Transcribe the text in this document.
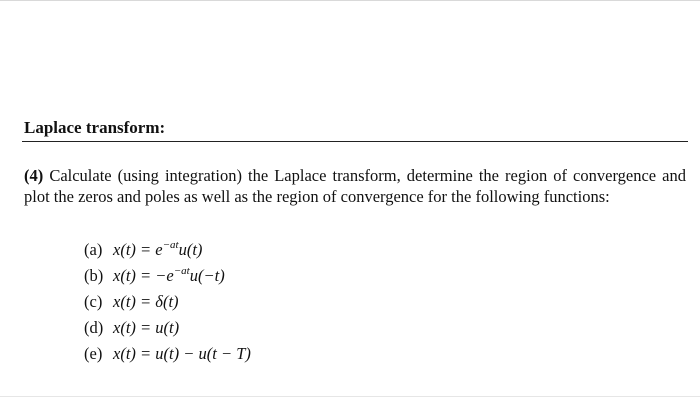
Laplace transform:
(4) Calculate (using integration) the Laplace transform, determine the region of convergence and plot the zeros and poles as well as the region of convergence for the following functions:
(a) $x(t) = e^{-at}u(t)$
(b) $x(t) = -e^{-at}u(-t)$
(c) x(t) = δ(t)
(d) x(t) = u(t)
(e) x(t) = u(t) − u(t − T)
